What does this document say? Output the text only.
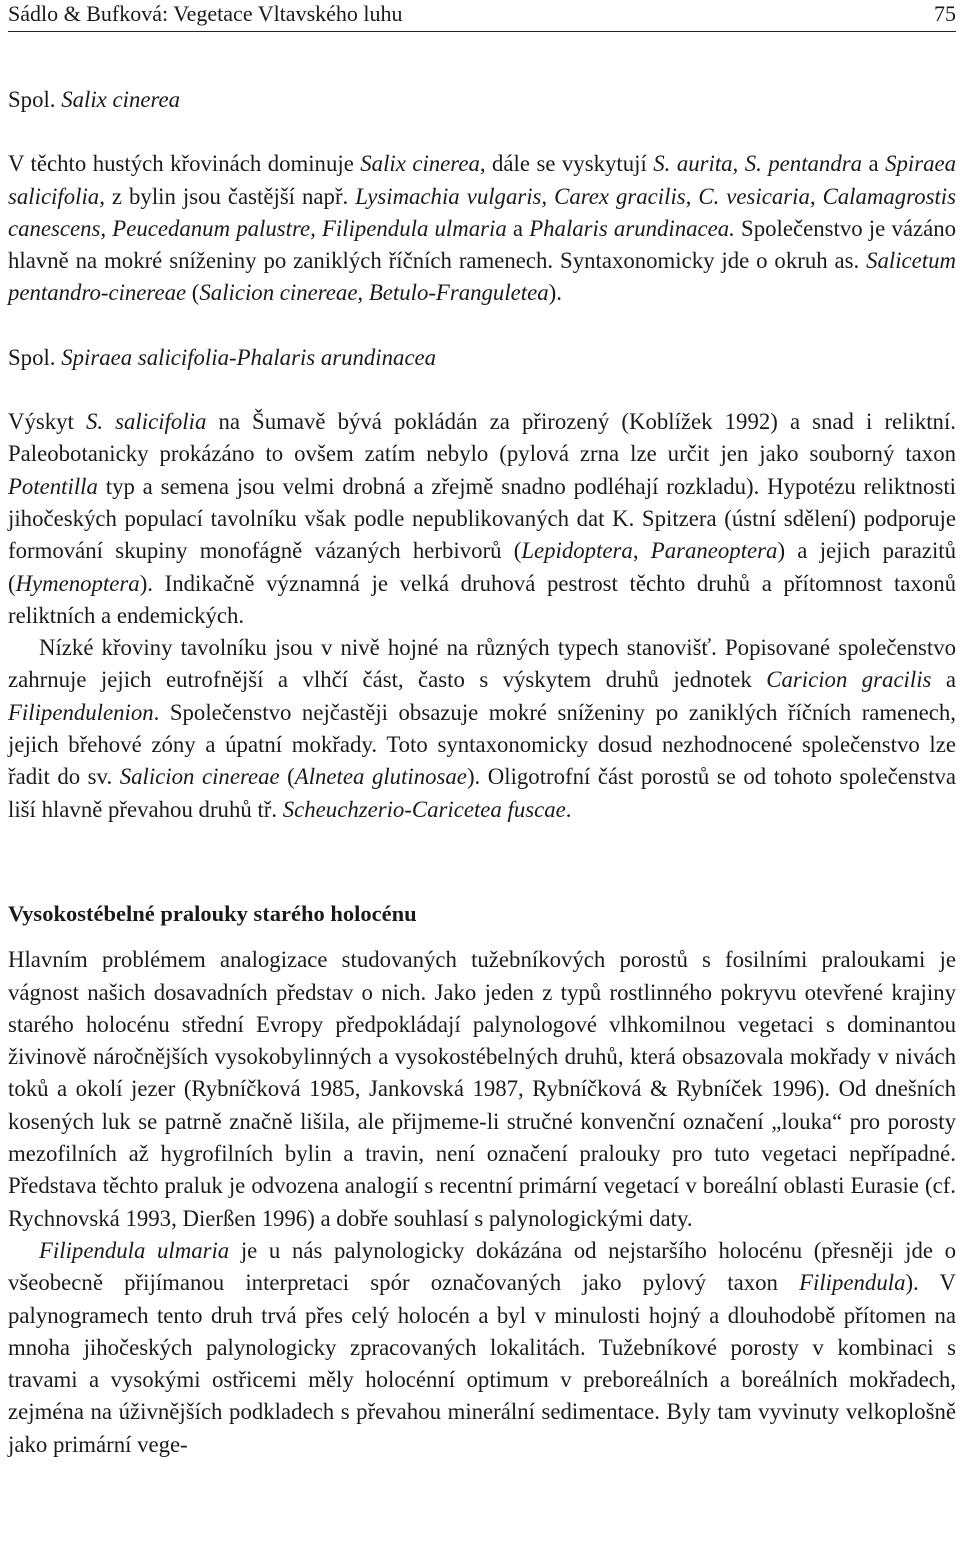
Sádlo & Bufková: Vegetace Vltavského luhu	75

Spol. Salix cinerea

V těchto hustých křovinách dominuje Salix cinerea, dále se vyskytují S. aurita, S. pentandra a Spiraea salicifolia, z bylin jsou častější např. Lysimachia vulgaris, Carex gracilis, C. vesicaria, Calamagrostis canescens, Peucedanum palustre, Filipendula ulmaria a Phalaris arundinacea. Společenstvo je vázáno hlavně na mokré sníženiny po zaniklých říčních ramenech. Syntaxonomicky jde o okruh as. Salicetum pentandro-cinereae (Salicion cinereae, Betulo-Franguletea).

Spol. Spiraea salicifolia-Phalaris arundinacea

Výskyt S. salicifolia na Šumavě bývá pokládán za přirozený (Koblížek 1992) a snad i reliktní. Paleobotanicky prokázáno to ovšem zatím nebylo (pylová zrna lze určit jen jako souborný taxon Potentilla typ a semena jsou velmi drobná a zřejmě snadno podléhají rozkladu). Hypotézu reliktnosti jihočeských populací tavolníku však podle nepublikovaných dat K. Spitzera (ústní sdělení) podporuje formování skupiny monofágně vázaných herbivorů (Lepidoptera, Paraneoptera) a jejich parazitů (Hymenoptera). Indikačně významná je velká druhová pestrost těchto druhů a přítomnost taxonů reliktních a endemických.

Nízké křoviny tavolníku jsou v nivě hojné na různých typech stanovišť. Popisované společenstvo zahrnuje jejich eutrofnější a vlhčí část, často s výskytem druhů jednotek Caricion gracilis a Filipendulenion. Společenstvo nejčastěji obsazuje mokré sníženiny po zaniklých říčních ramenech, jejich břehové zóny a úpatní mokřady. Toto syntaxonomicky dosud nezhodnocené společenstvo lze řadit do sv. Salicion cinereae (Alnetea glutinosae). Oligotrofní část porostů se od tohoto společenstva liší hlavně převahou druhů tř. Scheuchzerio-Caricetea fuscae.

Vysokostébelné pralouky starého holocénu

Hlavním problémem analogizace studovaných tužebníkových porostů s fosilními praloukami je vágnost našich dosavadních představ o nich. Jako jeden z typů rostlinného pokryvu otevřené krajiny starého holocénu střední Evropy předpokládají palynologové vlhkomilnou vegetaci s dominantou živinově náročnějších vysokobylinných a vysokostébelných druhů, která obsazovala mokřady v nivách toků a okolí jezer (Rybníčková 1985, Jankovská 1987, Rybníčková & Rybníček 1996). Od dnešních kosených luk se patrně značně lišila, ale přijmeme-li stručné konvenční označení „louka“ pro porosty mezofilních až hygrofilních bylin a travin, není označení pralouky pro tuto vegetaci nepřípadné. Představa těchto praluk je odvozena analogií s recentní primární vegetací v boreální oblasti Eurasie (cf. Rychnovská 1993, Dierßen 1996) a dobře souhlasí s palynologickými daty.

Filipendula ulmaria je u nás palynologicky dokázána od nejstaršího holocénu (přesněji jde o všeobecně přijímanou interpretaci spór označovaných jako pylový taxon Filipendula). V palynogramech tento druh trvá přes celý holocén a byl v minulosti hojný a dlouhodobě přítomen na mnoha jihočeských palynologicky zpracovaných lokalitách. Tužebníkové porosty v kombinaci s travami a vysokými ostřicemi měly holocénní optimum v preboreálních a boreálních mokřadech, zejména na úživnějších podkladech s převahou minerální sedimentace. Byly tam vyvinuty velkoplošně jako primární vege-
